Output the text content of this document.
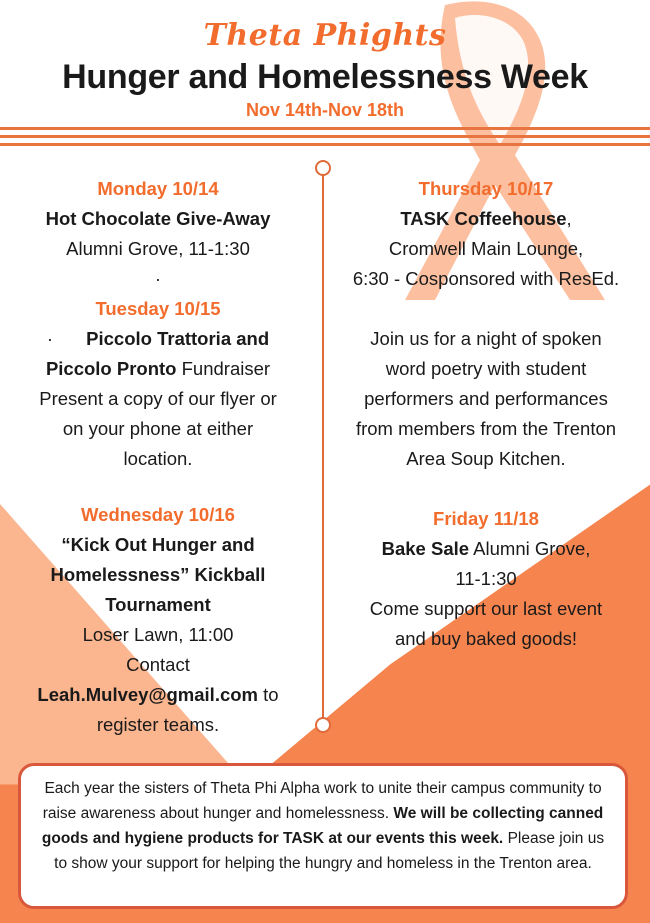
Theta Phights
Hunger and Homelessness Week
Nov 14th-Nov 18th
Monday 10/14
Hot Chocolate Give-Away
Alumni Grove, 11-1:30
·
Tuesday 10/15
· Piccolo Trattoria and
Piccolo Pronto Fundraiser
Present a copy of our flyer or
on your phone at either
location.
Wednesday 10/16
“Kick Out Hunger and
Homelessness” Kickball
Tournament
Loser Lawn, 11:00
Contact
Leah.Mulvey@gmail.com to
register teams.
Thursday 10/17
TASK Coffeehouse,
Cromwell Main Lounge,
6:30 - Cosponsored with ResEd.
Join us for a night of spoken
word poetry with student
performers and performances
from members from the Trenton
Area Soup Kitchen.
Friday 11/18
Bake Sale Alumni Grove,
11-1:30
Come support our last event
and buy baked goods!
Each year the sisters of Theta Phi Alpha work to unite their campus community to raise awareness about hunger and homelessness. We will be collecting canned goods and hygiene products for TASK at our events this week. Please join us to show your support for helping the hungry and homeless in the Trenton area.
